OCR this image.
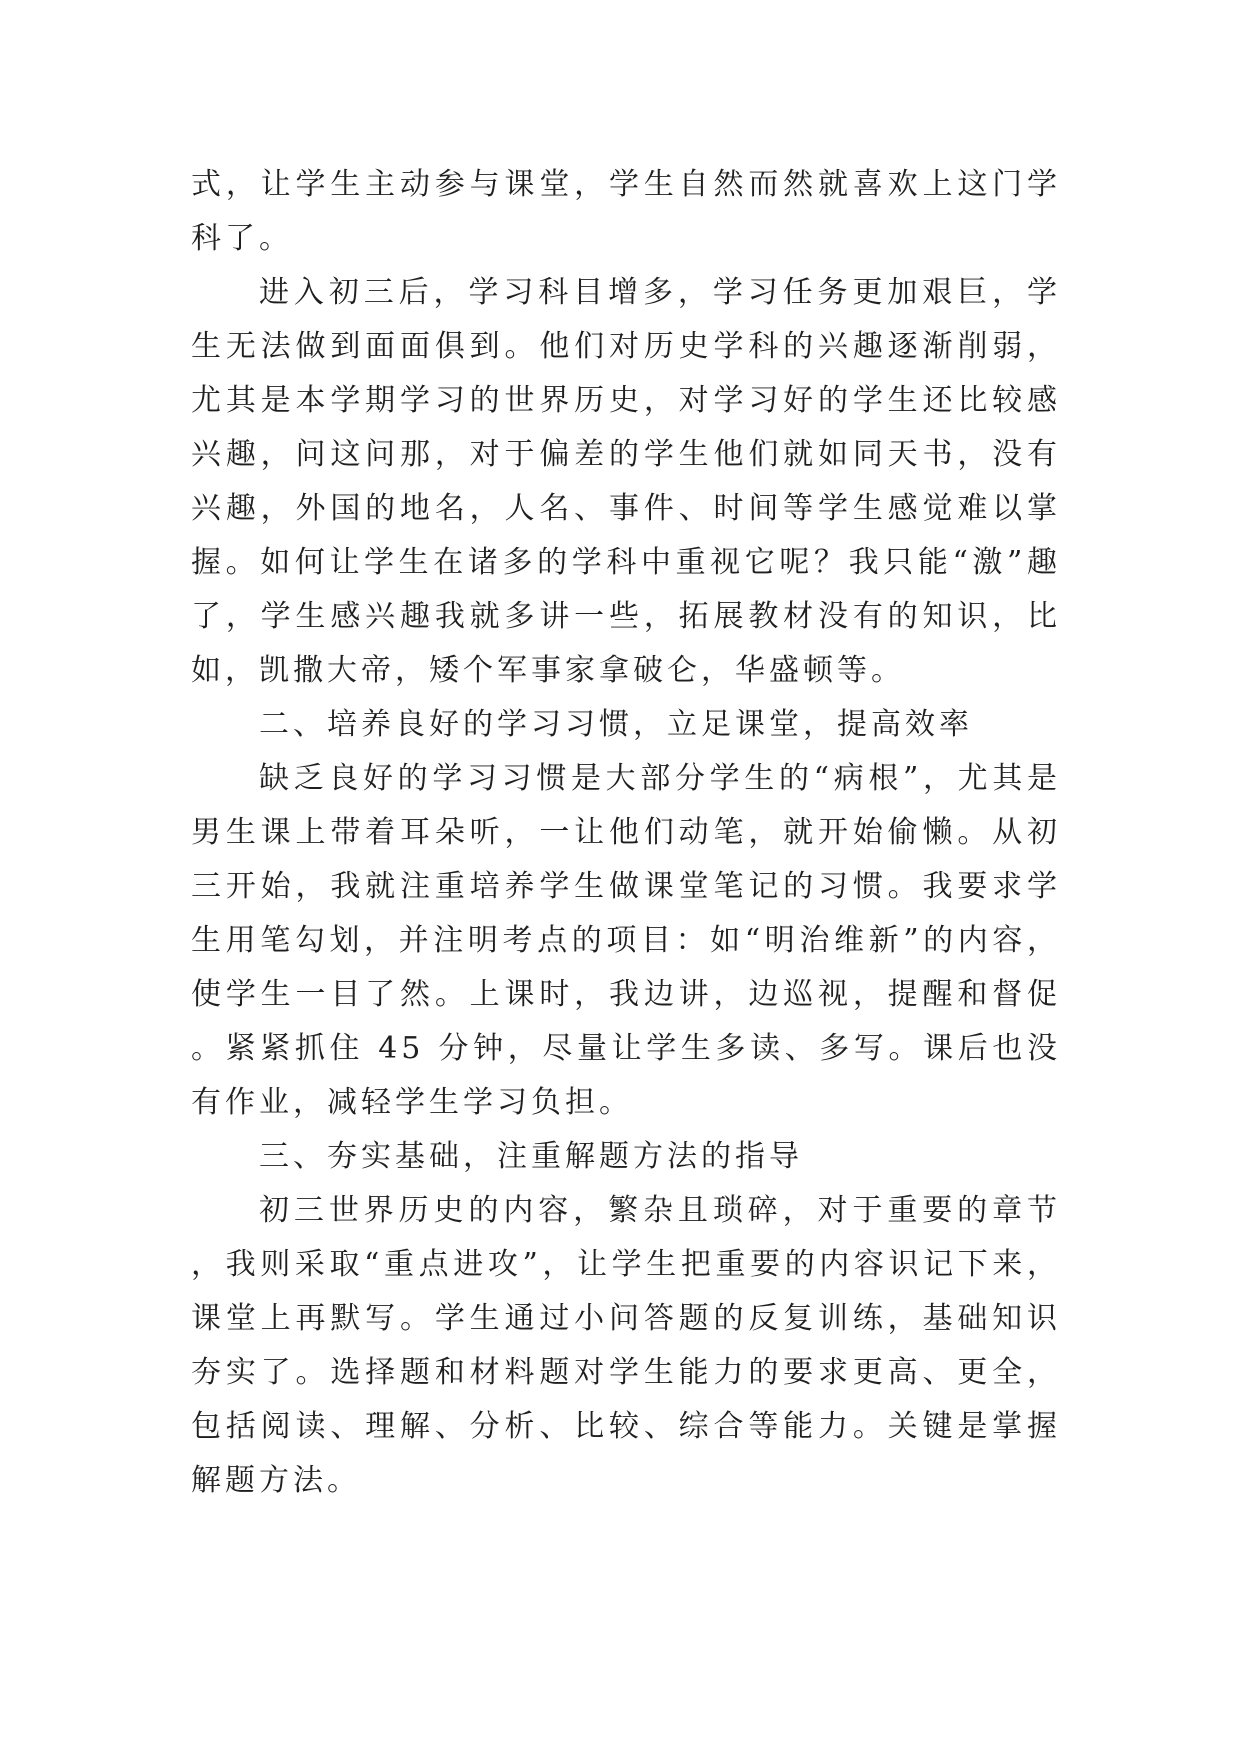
式，让学生主动参与课堂，学生自然而然就喜欢上这门学科了。

进入初三后，学习科目增多，学习任务更加艰巨，学生无法做到面面俱到。他们对历史学科的兴趣逐渐削弱，尤其是本学期学习的世界历史，对学习好的学生还比较感兴趣，问这问那，对于偏差的学生他们就如同天书，没有兴趣，外国的地名，人名、事件、时间等学生感觉难以掌握。如何让学生在诸多的学科中重视它呢？我只能“激”趣了，学生感兴趣我就多讲一些，拓展教材没有的知识，比如，凯撒大帝，矮个军事家拿破仑，华盛顿等。

二、培养良好的学习习惯，立足课堂，提高效率

缺乏良好的学习习惯是大部分学生的“病根”，尤其是男生课上带着耳朵听，一让他们动笔，就开始偷懒。从初三开始，我就注重培养学生做课堂笔记的习惯。我要求学生用笔勾划，并注明考点的项目：如“明治维新”的内容，使学生一目了然。上课时，我边讲，边巡视，提醒和督促。紧紧抓住 45 分钟，尽量让学生多读、多写。课后也没有作业，减轻学生学习负担。

三、夯实基础，注重解题方法的指导

初三世界历史的内容，繁杂且琐碎，对于重要的章节，我则采取“重点进攻”，让学生把重要的内容识记下来，课堂上再默写。学生通过小问答题的反复训练，基础知识夯实了。选择题和材料题对学生能力的要求更高、更全，包括阅读、理解、分析、比较、综合等能力。关键是掌握解题方法。
